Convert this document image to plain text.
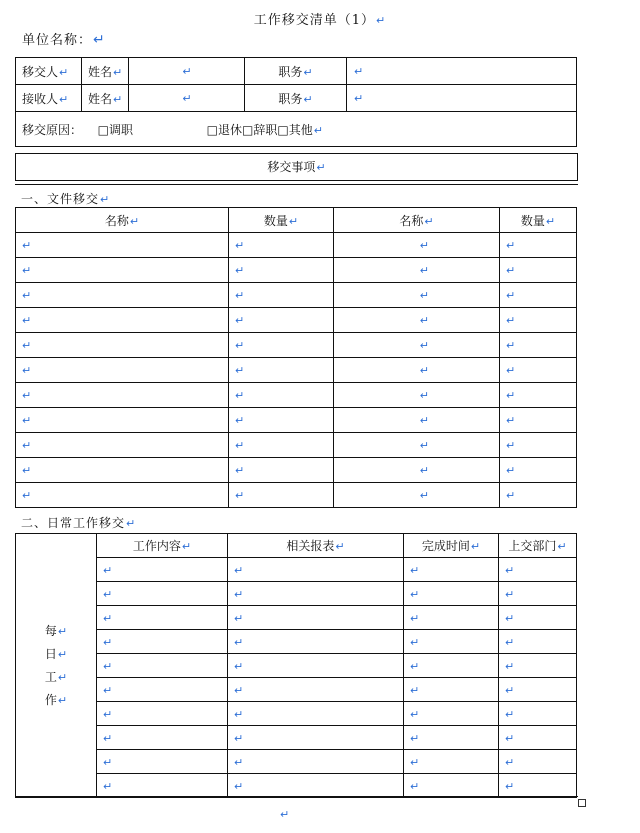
工作移交清单（1）↵
单位名称：↵
移交人↵	姓名↵	↵	职务↵	↵
接收人↵	姓名↵	↵	职务↵	↵
移交原因： □调职 □退休□辞职□其他↵				
移交事项↵
一、文件移交↵
名称↵	数量↵	名称↵	数量↵
↵	↵	↵	↵
↵	↵	↵	↵
↵	↵	↵	↵
↵	↵	↵	↵
↵	↵	↵	↵
↵	↵	↵	↵
↵	↵	↵	↵
↵	↵	↵	↵
↵	↵	↵	↵
↵	↵	↵	↵
↵	↵	↵	↵
二、日常工作移交↵
每↵
日↵
工↵
作↵	工作内容↵	相关报表↵	完成时间↵	上交部门↵
	↵	↵	↵	↵
	↵	↵	↵	↵
	↵	↵	↵	↵
	↵	↵	↵	↵
	↵	↵	↵	↵
	↵	↵	↵	↵
	↵	↵	↵	↵
	↵	↵	↵	↵
	↵	↵	↵	↵
	↵	↵	↵	↵
↵
